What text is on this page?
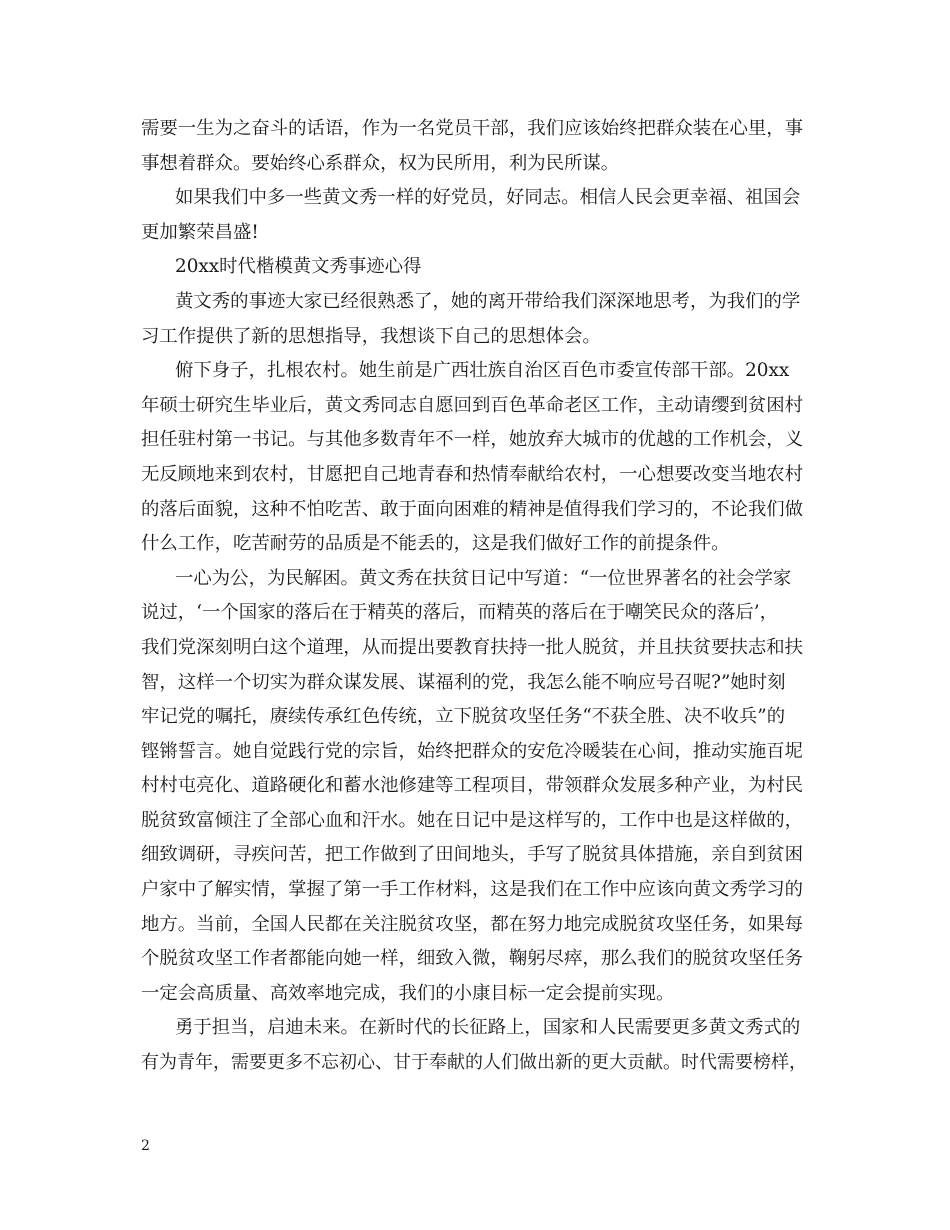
需要一生为之奋斗的话语，作为一名党员干部，我们应该始终把群众装在心里，事
事想着群众。要始终心系群众，权为民所用，利为民所谋。
如果我们中多一些黄文秀一样的好党员，好同志。相信人民会更幸福、祖国会
更加繁荣昌盛!
20xx时代楷模黄文秀事迹心得
黄文秀的事迹大家已经很熟悉了，她的离开带给我们深深地思考，为我们的学
习工作提供了新的思想指导，我想谈下自己的思想体会。
俯下身子，扎根农村。她生前是广西壮族自治区百色市委宣传部干部。20xx
年硕士研究生毕业后，黄文秀同志自愿回到百色革命老区工作，主动请缨到贫困村
担任驻村第一书记。与其他多数青年不一样，她放弃大城市的优越的工作机会，义
无反顾地来到农村，甘愿把自己地青春和热情奉献给农村，一心想要改变当地农村
的落后面貌，这种不怕吃苦、敢于面向困难的精神是值得我们学习的，不论我们做
什么工作，吃苦耐劳的品质是不能丢的，这是我们做好工作的前提条件。
一心为公，为民解困。黄文秀在扶贫日记中写道：“一位世界著名的社会学家
说过，‘一个国家的落后在于精英的落后，而精英的落后在于嘲笑民众的落后’，
我们党深刻明白这个道理，从而提出要教育扶持一批人脱贫，并且扶贫要扶志和扶
智，这样一个切实为群众谋发展、谋福利的党，我怎么能不响应号召呢?”她时刻
牢记党的嘱托，赓续传承红色传统，立下脱贫攻坚任务“不获全胜、决不收兵”的
铿锵誓言。她自觉践行党的宗旨，始终把群众的安危冷暖装在心间，推动实施百坭
村村屯亮化、道路硬化和蓄水池修建等工程项目，带领群众发展多种产业，为村民
脱贫致富倾注了全部心血和汗水。她在日记中是这样写的，工作中也是这样做的，
细致调研，寻疾问苦，把工作做到了田间地头，手写了脱贫具体措施，亲自到贫困
户家中了解实情，掌握了第一手工作材料，这是我们在工作中应该向黄文秀学习的
地方。当前，全国人民都在关注脱贫攻坚，都在努力地完成脱贫攻坚任务，如果每
个脱贫攻坚工作者都能向她一样，细致入微，鞠躬尽瘁，那么我们的脱贫攻坚任务
一定会高质量、高效率地完成，我们的小康目标一定会提前实现。
勇于担当，启迪未来。在新时代的长征路上，国家和人民需要更多黄文秀式的
有为青年，需要更多不忘初心、甘于奉献的人们做出新的更大贡献。时代需要榜样，
2
